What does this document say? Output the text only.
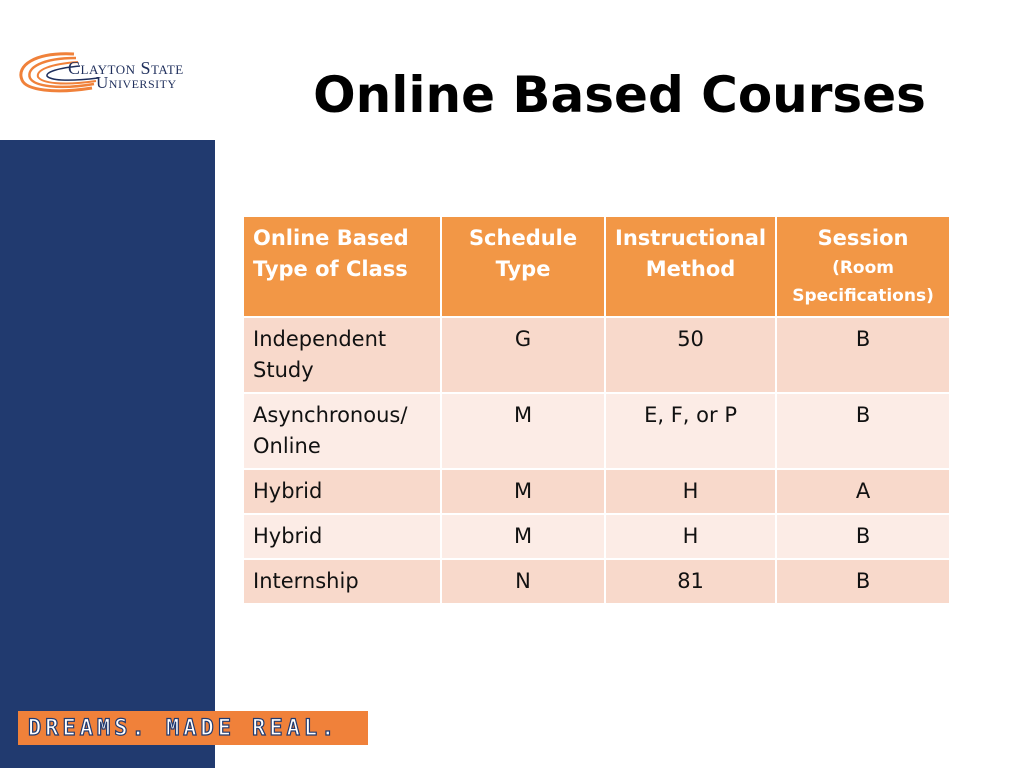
Clayton State
University
DREAMS. MADE REAL.
Online Based Courses
Online Based Type of Class	Schedule Type	Instructional Method	Session
(Room Specifications)

Independent Study	G	50	B
Asynchronous/ Online	M	E, F, or P	B
Hybrid	M	H	A
Hybrid	M	H	B
Internship	N	81	B
